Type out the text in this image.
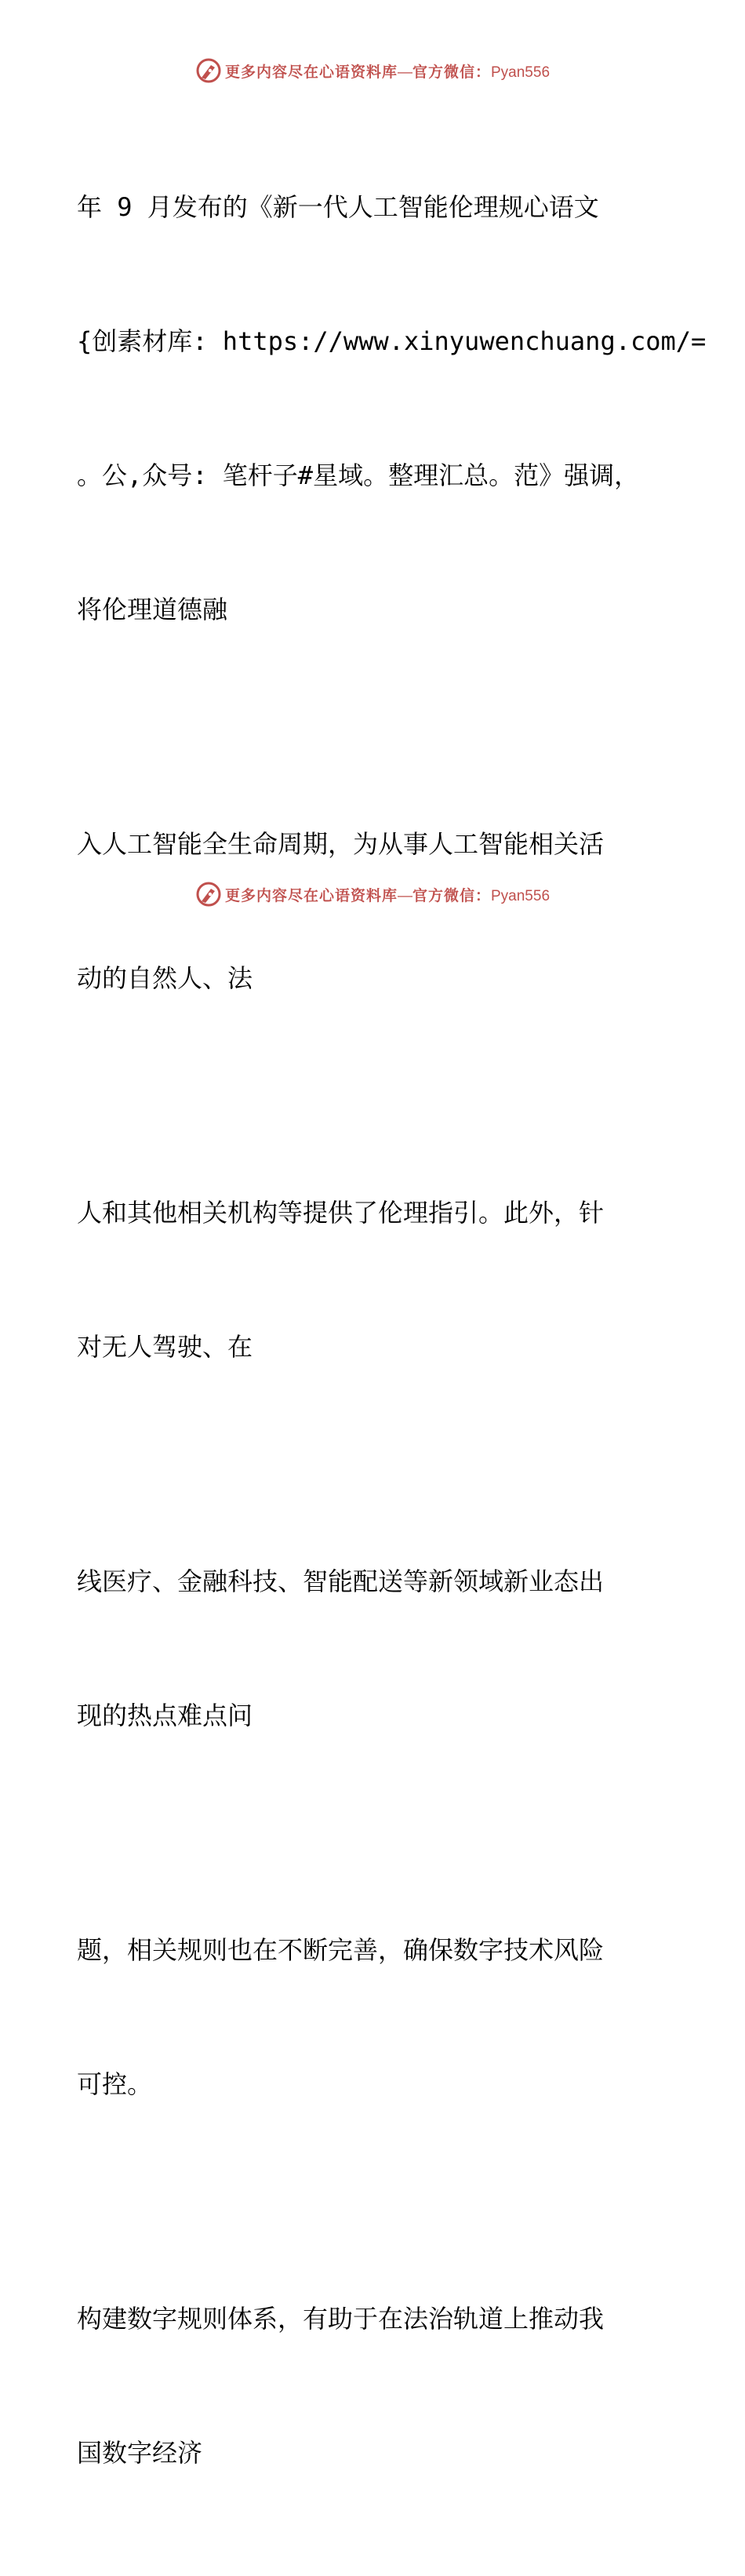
更多内容尽在心语资料库—官方微信：Pyan556

年 9 月发布的《新一代人工智能伦理规心语文

{创素材库: https://www.xinyuwenchuang.com/=

。公,众号: 笔杆子#星域。整理汇总。范》强调，

将伦理道德融

入人工智能全生命周期，为从事人工智能相关活

动的自然人、法

人和其他相关机构等提供了伦理指引。此外，针

对无人驾驶、在

线医疗、金融科技、智能配送等新领域新业态出

现的热点难点问

题，相关规则也在不断完善，确保数字技术风险

可控。

构建数字规则体系，有助于在法治轨道上推动我

国数字经济

更多内容尽在心语资料库—官方微信：Pyan556
